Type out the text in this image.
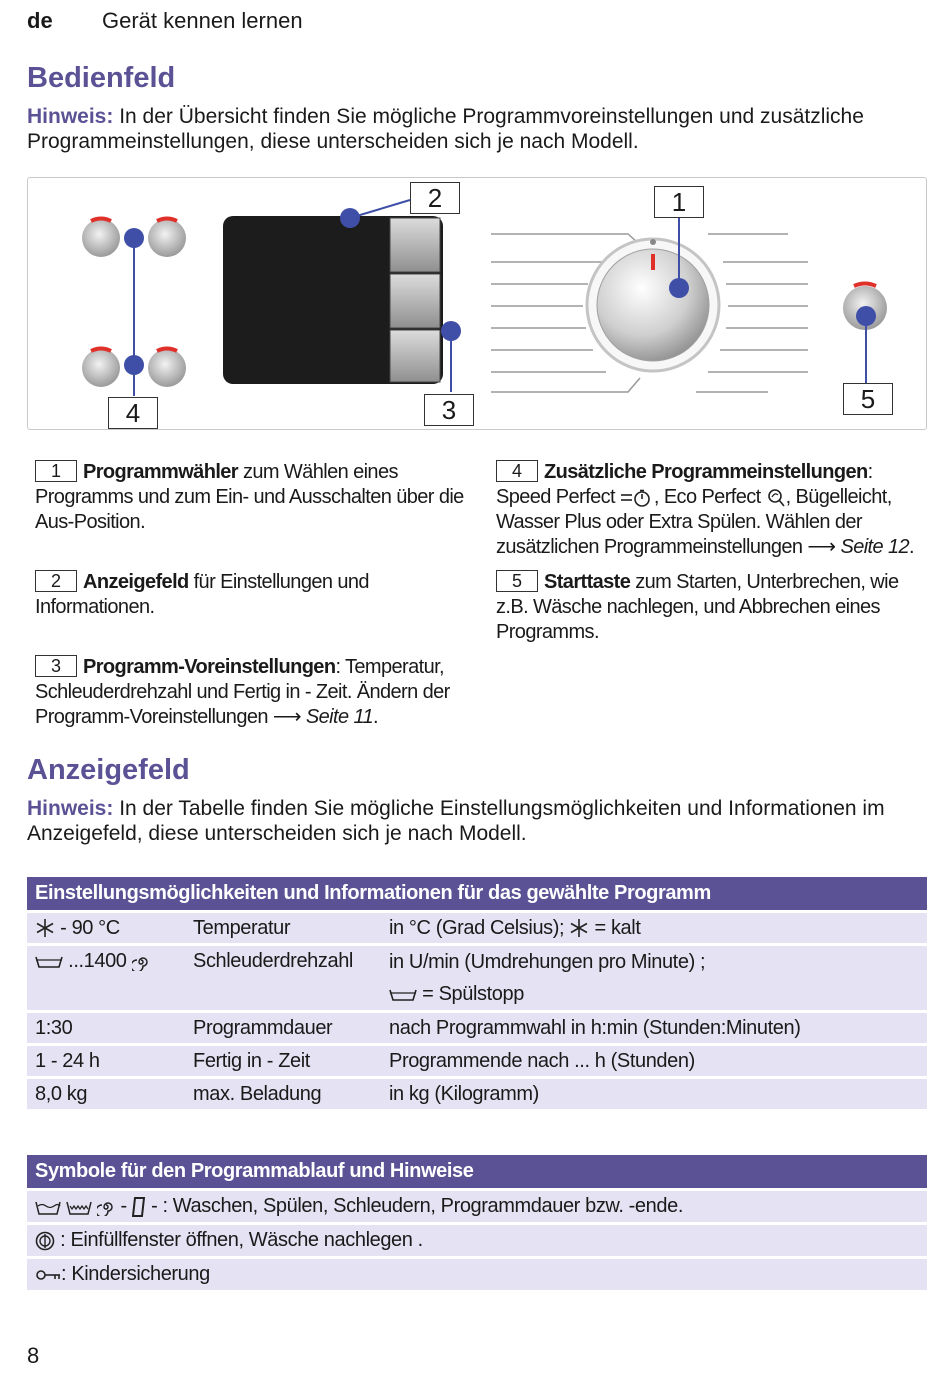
de Gerät kennen lernen
Bedienfeld
Hinweis: In der Übersicht finden Sie mögliche Programmvoreinstellungen und zusätzliche Programmeinstellungen, diese unterscheiden sich je nach Modell.
2	1
4	3	5
1 Programmwähler zum Wählen eines Programms und zum Ein- und Ausschalten über die Aus-Position.
2 Anzeigefeld für Einstellungen und Informationen.
3 Programm-Voreinstellungen: Temperatur, Schleuderdrehzahl und Fertig in - Zeit. Ändern der Programm-Voreinstellungen ⟶ Seite 11.
4 Zusätzliche Programmeinstellungen: Speed Perfect , Eco Perfect , Bügelleicht, Wasser Plus oder Extra Spülen. Wählen der zusätzlichen Programmeinstellungen ⟶ Seite 12.
5 Starttaste zum Starten, Unterbrechen, wie z.B. Wäsche nachlegen, und Abbrechen eines Programms.
Anzeigefeld
Hinweis: In der Tabelle finden Sie mögliche Einstellungsmöglichkeiten und Informationen im Anzeigefeld, diese unterscheiden sich je nach Modell.
Einstellungsmöglichkeiten und Informationen für das gewählte Programm		
- 90 °C	Temperatur	in °C (Grad Celsius);  = kalt
...1400	Schleuderdrehzahl	in U/min (Umdrehungen pro Minute) ;
= Spülstopp
1:30	Programmdauer	nach Programmwahl in h:min (Stunden:Minuten)
1 - 24 h	Fertig in - Zeit	Programmende nach ... h (Stunden)
8,0 kg	max. Beladung	in kg (Kilogramm)
Symbole für den Programmablauf und Hinweise
-  - : Waschen, Spülen, Schleudern, Programmdauer bzw. -ende.
: Einfüllfenster öffnen, Wäsche nachlegen .
: Kindersicherung
8
